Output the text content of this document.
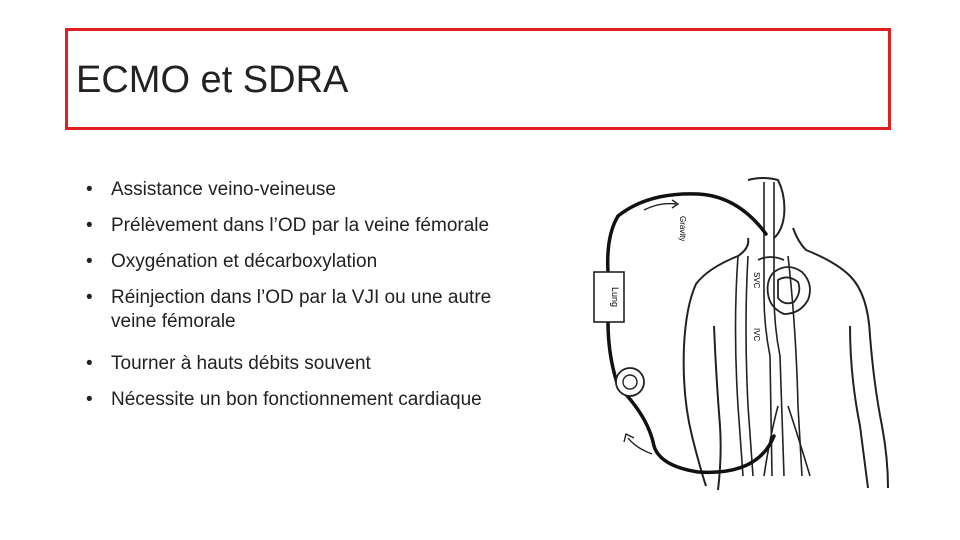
ECMO et SDRA
• Assistance veino-veineuse
• Prélèvement dans l’OD par la veine fémorale
• Oxygénation et décarboxylation
• Réinjection dans l’OD par la VJI ou une autre
veine fémorale
• Tourner à hauts débits souvent
• Nécessite un bon fonctionnement cardiaque
Lung
Gravity
SVC
IVC
